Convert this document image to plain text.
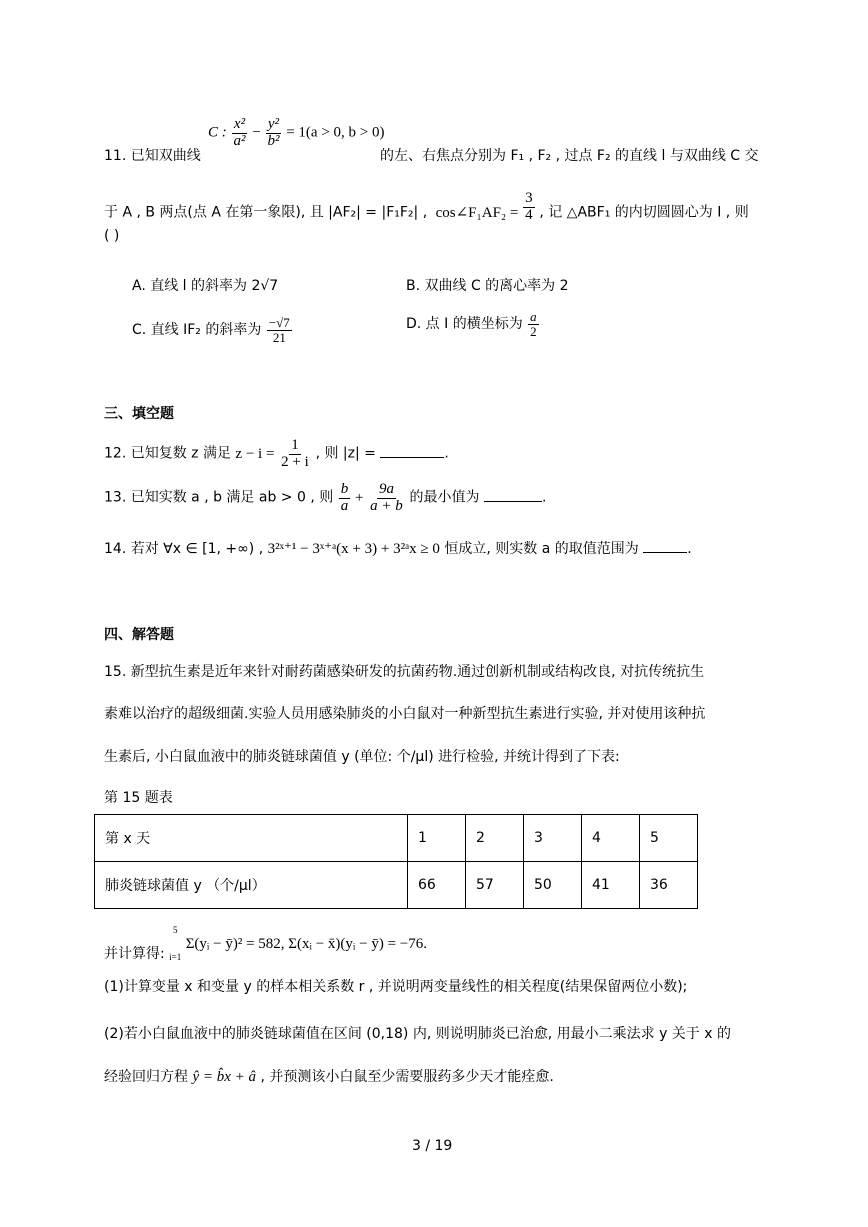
C : $\frac{\text{x²}}{\text{a²}} - \frac{\text{y²}}{\text{b²}} = 1(a > 0$, b > 0)
11. 已知双曲线	的左、右焦点分别为 F₁ , F₂ , 过点 F₂ 的直线 l 与双曲线 C 交
于 A , B 两点(点 A 在第一象限), 且 |AF₂| = |F₁F₂| , cos∠F₁AF₂ = $\frac{3}{4}$ , 记 △ABF₁ 的内切圆圆心为 I , 则
( )
A. 直线 l 的斜率为 2√7	B. 双曲线 C 的离心率为 2
C. 直线 IF₂ 的斜率为 $\frac{-√7}{21}$	D. 点 I 的横坐标为 $\frac{a}{2}$
三、填空题
12. 已知复数 z 满足 $z - i = \frac{1}{2 + i}$ , 则 |z| =	.
13. 已知实数 a , b 满足 ab > 0 , 则 $\frac{b}{a} + \frac{9a}{a + b}$ 的最小值为	.
14. 若对 ∀x ∈ [1, +∞) , 3²ˣ⁺¹ − 3ˣ⁺ᵃ(x + 3) + 3²ᵃx ≥ 0 恒成立, 则实数 a 的取值范围为	.
四、解答题
15. 新型抗生素是近年来针对耐药菌感染研发的抗菌药物.通过创新机制或结构改良, 对抗传统抗生
素难以治疗的超级细菌.实验人员用感染肺炎的小白鼠对一种新型抗生素进行实验, 并对使用该种抗
生素后, 小白鼠血液中的肺炎链球菌值 y (单位: 个/μl) 进行检验, 并统计得到了下表:
第 15 题表
第 x 天	1	2	3	4	5
肺炎链球菌值 y （个/μl）	66	57	50	41	36
并计算得:
5

i=1
Σ(yᵢ − ȳ)² = 582, Σ(xᵢ − x̄)(yᵢ − ȳ) = −76.
(1)计算变量 x 和变量 y 的样本相关系数 r , 并说明两变量线性的相关程度(结果保留两位小数);
(2)若小白鼠血液中的肺炎链球菌值在区间 (0,18) 内, 则说明肺炎已治愈, 用最小二乘法求 y 关于 x 的
经验回归方程 ŷ = b̂x + â , 并预测该小白鼠至少需要服药多少天才能痊愈.
3 / 19
